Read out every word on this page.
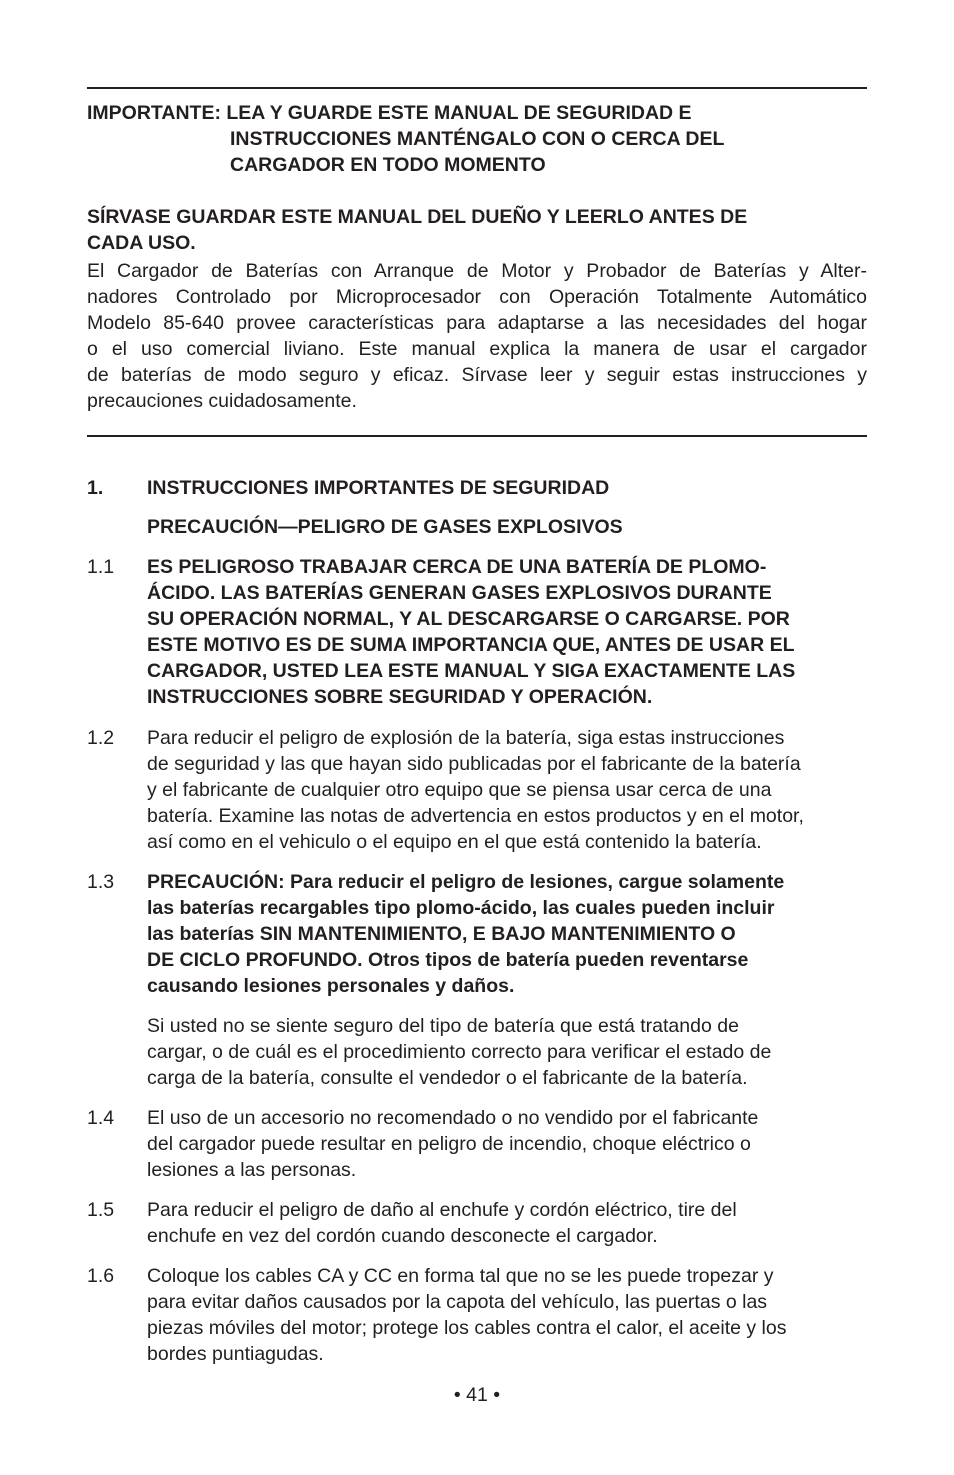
IMPORTANTE: LEA Y GUARDE ESTE MANUAL DE SEGURIDAD E
INSTRUCCIONES MANTÉNGALO CON O CERCA DEL
CARGADOR EN TODO MOMENTO
SÍRVASE GUARDAR ESTE MANUAL DEL DUEÑO Y LEERLO ANTES DE
CADA USO.
El Cargador de Baterías con Arranque de Motor y Probador de Baterías y Alter-
nadores Controlado por Microprocesador con Operación Totalmente Automático
Modelo 85-640 provee características para adaptarse a las necesidades del hogar
o el uso comercial liviano. Este manual explica la manera de usar el cargador
de baterías de modo seguro y eficaz. Sírvase leer y seguir estas instrucciones y
precauciones cuidadosamente.
1.	INSTRUCCIONES IMPORTANTES DE SEGURIDAD
PRECAUCIÓN—PELIGRO DE GASES EXPLOSIVOS
1.1	ES PELIGROSO TRABAJAR CERCA DE UNA BATERÍA DE PLOMO-
ÁCIDO. LAS BATERÍAS GENERAN GASES EXPLOSIVOS DURANTE
SU OPERACIÓN NORMAL, Y AL DESCARGARSE O CARGARSE. POR
ESTE MOTIVO ES DE SUMA IMPORTANCIA QUE, ANTES DE USAR EL
CARGADOR, USTED LEA ESTE MANUAL Y SIGA EXACTAMENTE LAS
INSTRUCCIONES SOBRE SEGURIDAD Y OPERACIÓN.
1.2	Para reducir el peligro de explosión de la batería, siga estas instrucciones
de seguridad y las que hayan sido publicadas por el fabricante de la batería
y el fabricante de cualquier otro equipo que se piensa usar cerca de una
batería. Examine las notas de advertencia en estos productos y en el motor,
así como en el vehiculo o el equipo en el que está contenido la batería.
1.3	PRECAUCIÓN: Para reducir el peligro de lesiones, cargue solamente
las baterías recargables tipo plomo-ácido, las cuales pueden incluir
las baterías SIN MANTENIMIENTO, E BAJO MANTENIMIENTO O
DE CICLO PROFUNDO. Otros tipos de batería pueden reventarse
causando lesiones personales y daños.
Si usted no se siente seguro del tipo de batería que está tratando de
cargar, o de cuál es el procedimiento correcto para verificar el estado de
carga de la batería, consulte el vendedor o el fabricante de la batería.
1.4	El uso de un accesorio no recomendado o no vendido por el fabricante
del cargador puede resultar en peligro de incendio, choque eléctrico o
lesiones a las personas.
1.5	Para reducir el peligro de daño al enchufe y cordón eléctrico, tire del
enchufe en vez del cordón cuando desconecte el cargador.
1.6	Coloque los cables CA y CC en forma tal que no se les puede tropezar y
para evitar daños causados por la capota del vehículo, las puertas o las
piezas móviles del motor; protege los cables contra el calor, el aceite y los
bordes puntiagudas.
• 41 •
